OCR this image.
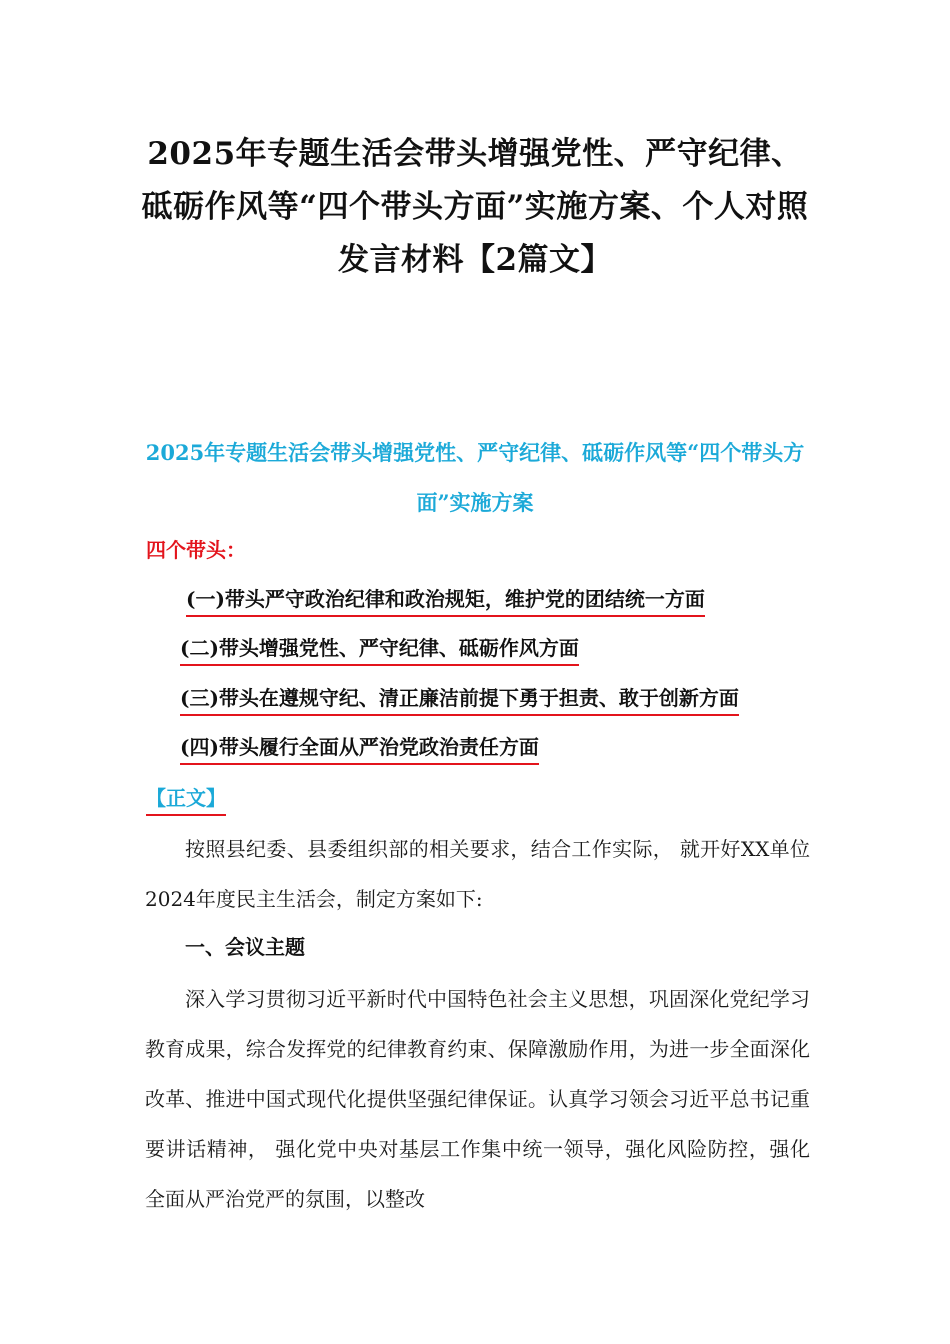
2025年专题生活会带头增强党性、严守纪律、砥砺作风等“四个带头方面”实施方案、个人对照发言材料【2篇文】
2025年专题生活会带头增强党性、严守纪律、砥砺作风等“四个带头方面”实施方案
四个带头：
(一)带头严守政治纪律和政治规矩，维护党的团结统一方面
(二)带头增强党性、严守纪律、砥砺作风方面
(三)带头在遵规守纪、清正廉洁前提下勇于担责、敢于创新方面
(四)带头履行全面从严治党政治责任方面
【正文】
按照县纪委、县委组织部的相关要求，结合工作实际， 就开好XX单位2024年度民主生活会，制定方案如下:
一、会议主题
深入学习贯彻习近平新时代中国特色社会主义思想，巩固深化党纪学习教育成果，综合发挥党的纪律教育约束、保障激励作用，为进一步全面深化改革、推进中国式现代化提供坚强纪律保证。认真学习领会习近平总书记重要讲话精神， 强化党中央对基层工作集中统一领导，强化风险防控，强化全面从严治党严的氛围，以整改
